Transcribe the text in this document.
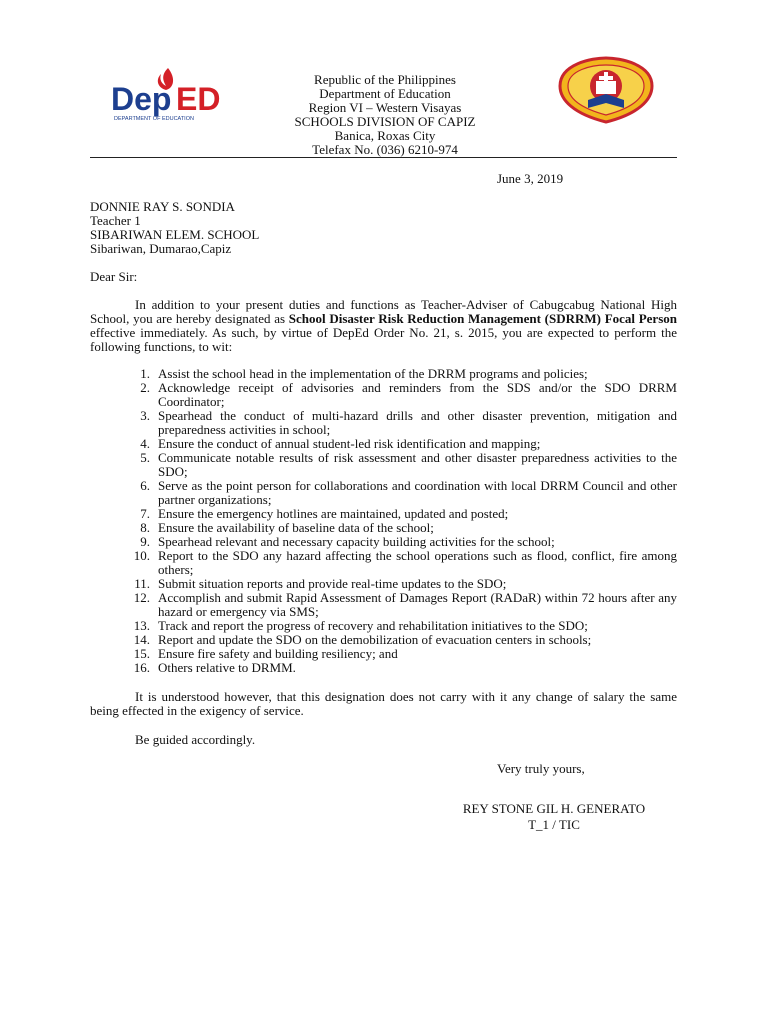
Dep ED
DEPARTMENT OF EDUCATION
Republic of the Philippines
Department of Education
Region VI – Western Visayas
SCHOOLS DIVISION OF CAPIZ
Banica, Roxas City
Telefax No. (036) 6210-974
June 3, 2019
DONNIE RAY S. SONDIA
Teacher 1
SIBARIWAN ELEM. SCHOOL
Sibariwan, Dumarao,Capiz
Dear Sir:
In addition to your present duties and functions as Teacher-Adviser of Cabugcabug National High School, you are hereby designated as School Disaster Risk Reduction Management (SDRRM) Focal Person effective immediately. As such, by virtue of DepEd Order No. 21, s. 2015, you are expected to perform the following functions, to wit:
1. Assist the school head in the implementation of the DRRM programs and policies;
2. Acknowledge receipt of advisories and reminders from the SDS and/or the SDO DRRM Coordinator;
3. Spearhead the conduct of multi-hazard drills and other disaster prevention, mitigation and preparedness activities in school;
4. Ensure the conduct of annual student-led risk identification and mapping;
5. Communicate notable results of risk assessment and other disaster preparedness activities to the SDO;
6. Serve as the point person for collaborations and coordination with local DRRM Council and other partner organizations;
7. Ensure the emergency hotlines are maintained, updated and posted;
8. Ensure the availability of baseline data of the school;
9. Spearhead relevant and necessary capacity building activities for the school;
10. Report to the SDO any hazard affecting the school operations such as flood, conflict, fire among others;
11. Submit situation reports and provide real-time updates to the SDO;
12. Accomplish and submit Rapid Assessment of Damages Report (RADaR) within 72 hours after any hazard or emergency via SMS;
13. Track and report the progress of recovery and rehabilitation initiatives to the SDO;
14. Report and update the SDO on the demobilization of evacuation centers in schools;
15. Ensure fire safety and building resiliency; and
16. Others relative to DRMM.
It is understood however, that this designation does not carry with it any change of salary the same being effected in the exigency of service.
Be guided accordingly.
Very truly yours,
REY STONE GIL H. GENERATO
T_1 / TIC
